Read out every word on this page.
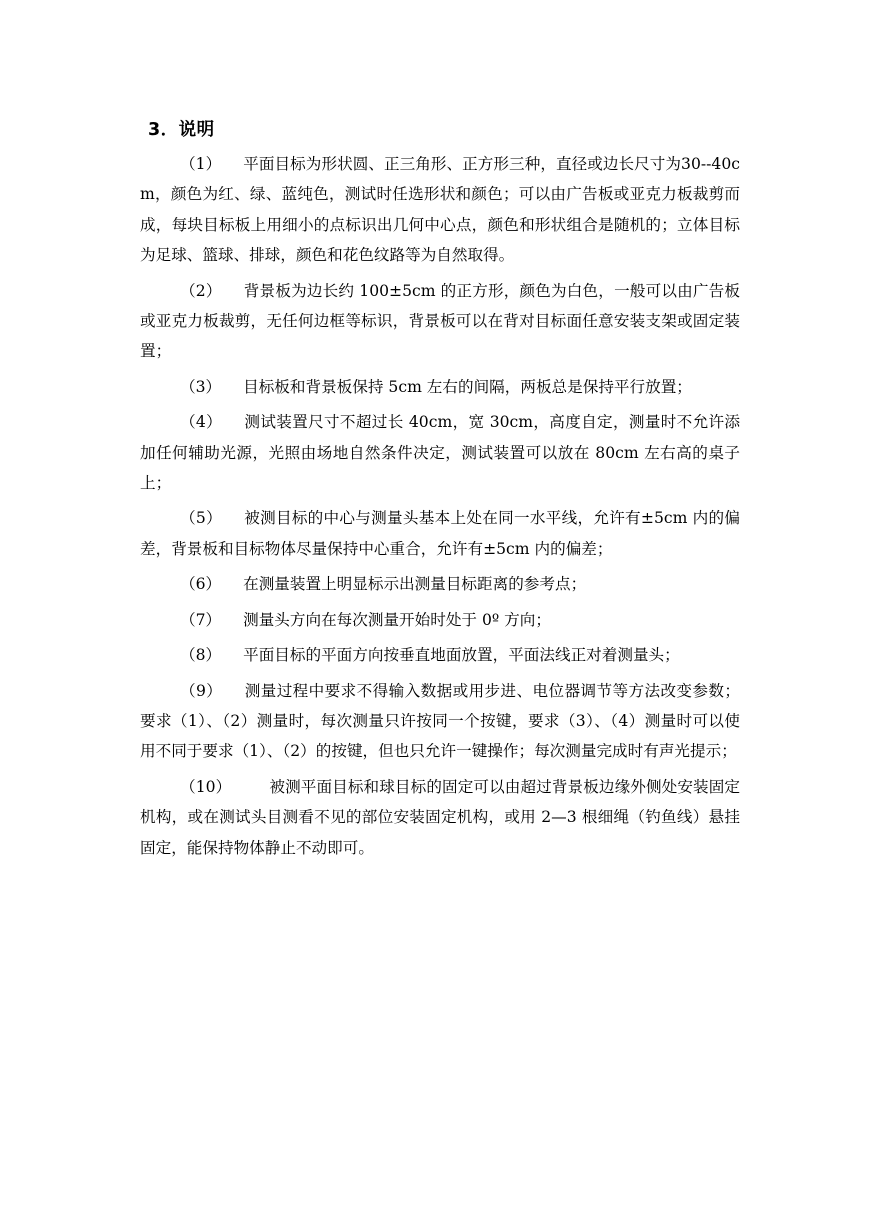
3．说明

（1） 平面目标为形状圆、正三角形、正方形三种，直径或边长尺寸为30--40cm，颜色为红、绿、蓝纯色，测试时任选形状和颜色；可以由广告板或亚克力板裁剪而成，每块目标板上用细小的点标识出几何中心点，颜色和形状组合是随机的；立体目标为足球、篮球、排球，颜色和花色纹路等为自然取得。

（2） 背景板为边长约 100±5cm 的正方形，颜色为白色，一般可以由广告板或亚克力板裁剪，无任何边框等标识，背景板可以在背对目标面任意安装支架或固定装置；

（3） 目标板和背景板保持 5cm 左右的间隔，两板总是保持平行放置；

（4） 测试装置尺寸不超过长 40cm，宽 30cm，高度自定，测量时不允许添加任何辅助光源，光照由场地自然条件决定，测试装置可以放在 80cm 左右高的桌子上；

（5） 被测目标的中心与测量头基本上处在同一水平线，允许有±5cm 内的偏差，背景板和目标物体尽量保持中心重合，允许有±5cm 内的偏差；

（6） 在测量装置上明显标示出测量目标距离的参考点；

（7） 测量头方向在每次测量开始时处于 0º 方向；

（8） 平面目标的平面方向按垂直地面放置，平面法线正对着测量头；

（9） 测量过程中要求不得输入数据或用步进、电位器调节等方法改变参数；要求（1）、（2）测量时，每次测量只许按同一个按键，要求（3）、（4）测量时可以使用不同于要求（1）、（2）的按键，但也只允许一键操作；每次测量完成时有声光提示；

（10） 被测平面目标和球目标的固定可以由超过背景板边缘外侧处安装固定机构，或在测试头目测看不见的部位安装固定机构，或用 2—3 根细绳（钓鱼线）悬挂固定，能保持物体静止不动即可。
